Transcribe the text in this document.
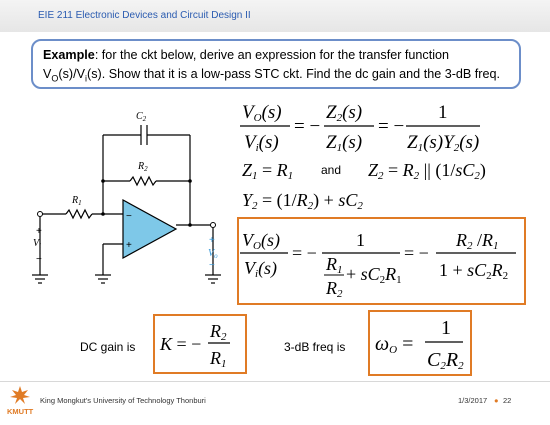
EIE 211 Electronic Devices and Circuit Design II
Example: for the ckt below, derive an expression for the transfer function
$V_O(s)/V_i(s)$. Show that it is a low-pass STC ckt. Find the dc gain and the 3-dB freq.
$C_2$
$R_2$
$R_1$
$V_i$
$V_o$
−
+
+
−
+
−
VO(s)
Vi(s)
= −
Z2(s)
Z1(s)
= −
1
Z1(s)Y2(s)
Z1 = R1	Z2 = R2 || (1/sC2)
and
Y2 = (1/R2) + sC2
VO(s)
Vi(s)
= −
1
R1
R2
+ sC2R1
= −
R2 /R1
1 + sC2R2
DC gain is K = −
R2
R1
3-dB freq is ωO =
1
C2R2
KMUTT
King Mongkut's University of Technology Thonburi	1/3/2017 ● 22
